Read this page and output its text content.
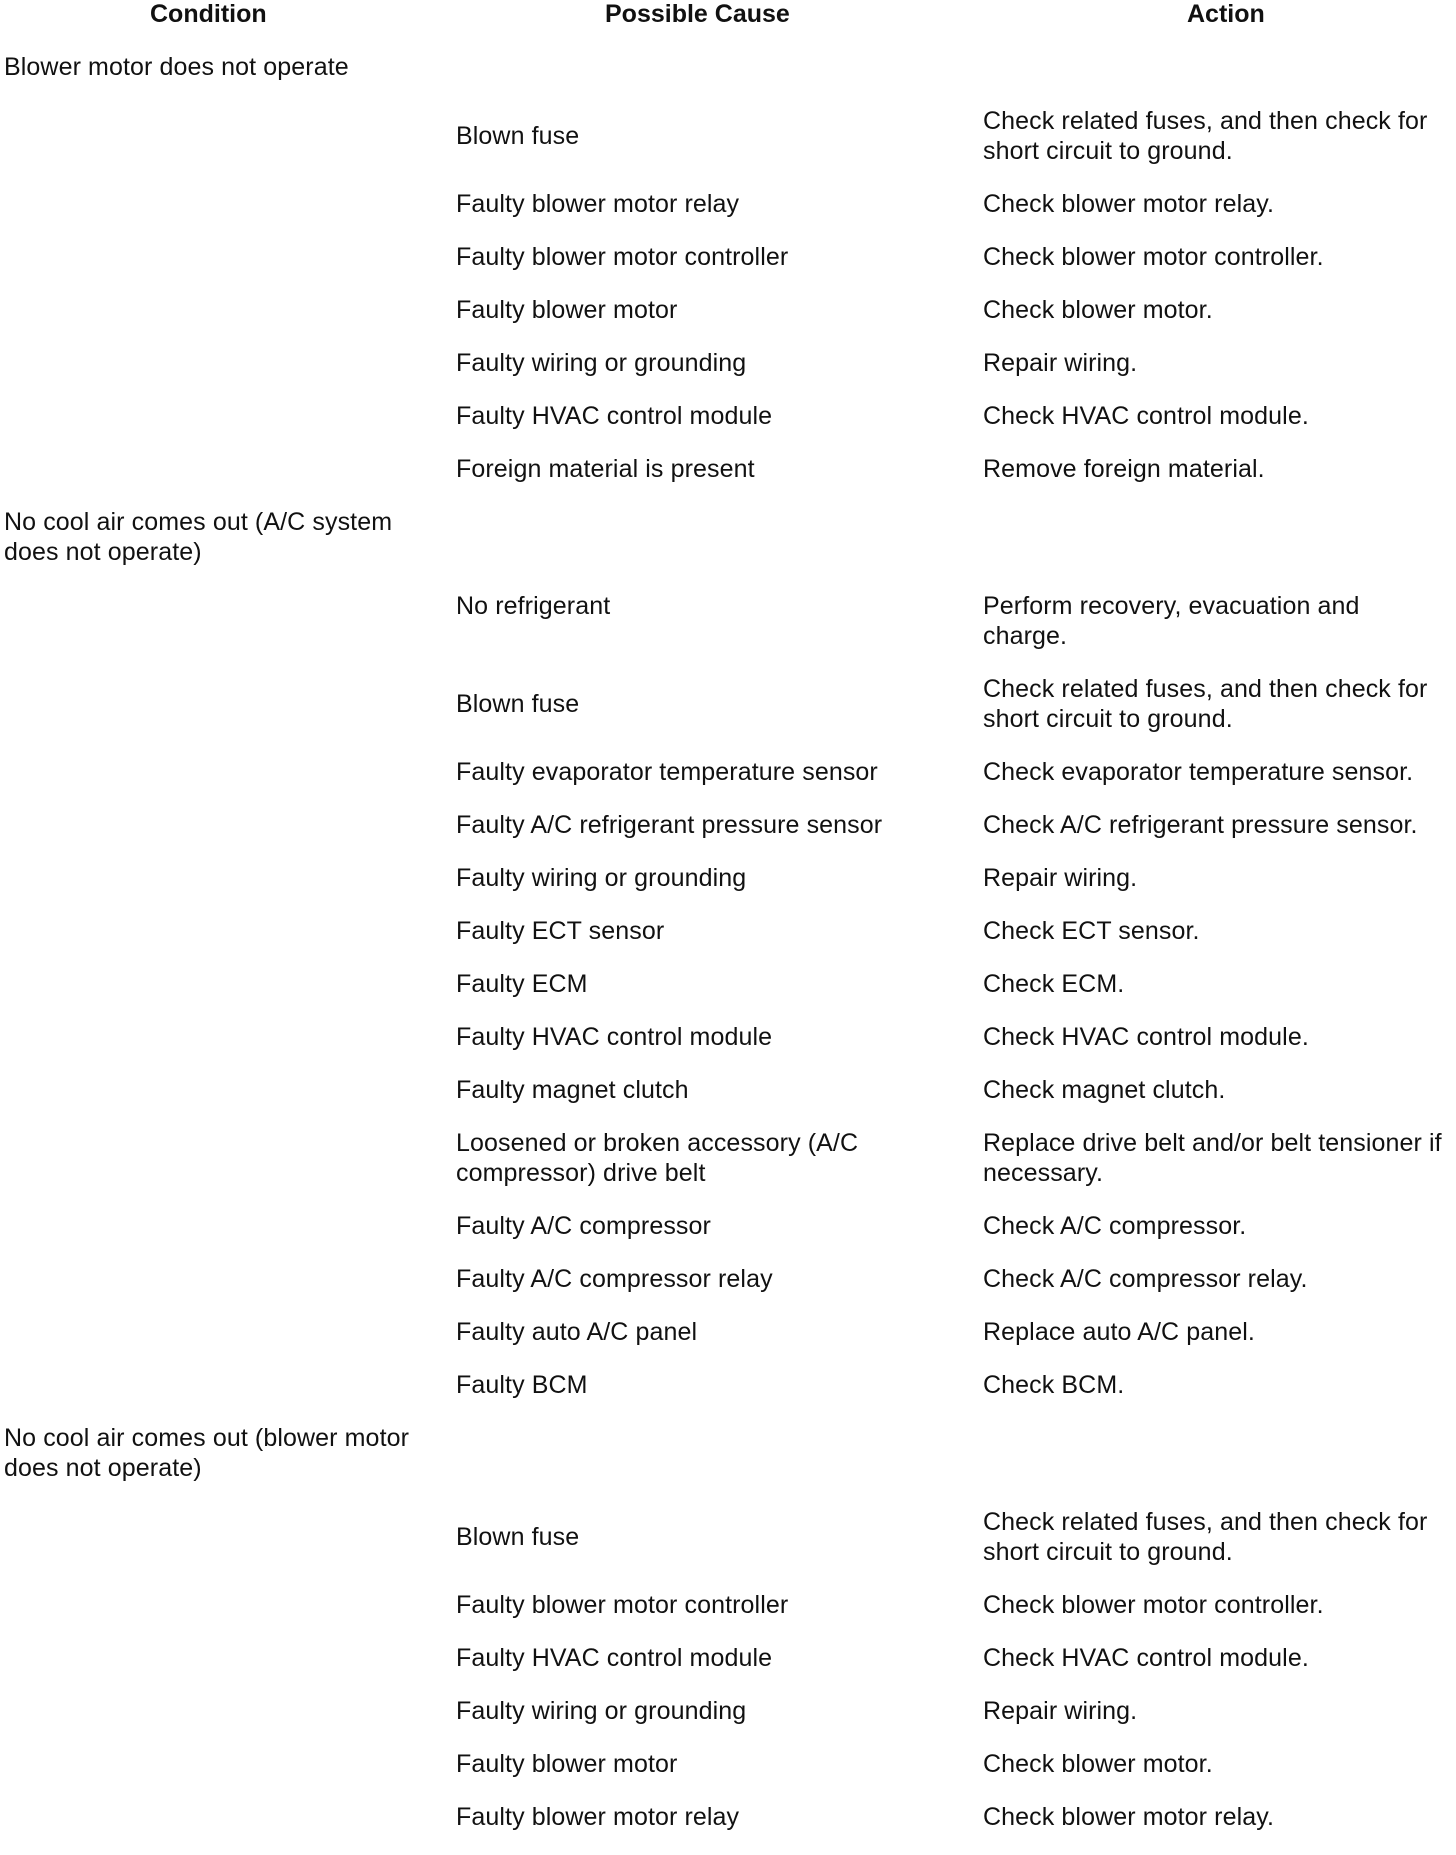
Condition	Possible Cause	Action

Blower motor does not operate		
	Blown fuse	Check related fuses, and then check for short circuit to ground.
	Faulty blower motor relay	Check blower motor relay.
	Faulty blower motor controller	Check blower motor controller.
	Faulty blower motor	Check blower motor.
	Faulty wiring or grounding	Repair wiring.
	Faulty HVAC control module	Check HVAC control module.
	Foreign material is present	Remove foreign material.
No cool air comes out (A/C system does not operate)		
	No refrigerant	Perform recovery, evacuation and charge.
	Blown fuse	Check related fuses, and then check for short circuit to ground.
	Faulty evaporator temperature sensor	Check evaporator temperature sensor.
	Faulty A/C refrigerant pressure sensor	Check A/C refrigerant pressure sensor.
	Faulty wiring or grounding	Repair wiring.
	Faulty ECT sensor	Check ECT sensor.
	Faulty ECM	Check ECM.
	Faulty HVAC control module	Check HVAC control module.
	Faulty magnet clutch	Check magnet clutch.
	Loosened or broken accessory (A/C compressor) drive belt	Replace drive belt and/or belt tensioner if necessary.
	Faulty A/C compressor	Check A/C compressor.
	Faulty A/C compressor relay	Check A/C compressor relay.
	Faulty auto A/C panel	Replace auto A/C panel.
	Faulty BCM	Check BCM.
No cool air comes out (blower motor does not operate)		
	Blown fuse	Check related fuses, and then check for short circuit to ground.
	Faulty blower motor controller	Check blower motor controller.
	Faulty HVAC control module	Check HVAC control module.
	Faulty wiring or grounding	Repair wiring.
	Faulty blower motor	Check blower motor.
	Faulty blower motor relay	Check blower motor relay.
